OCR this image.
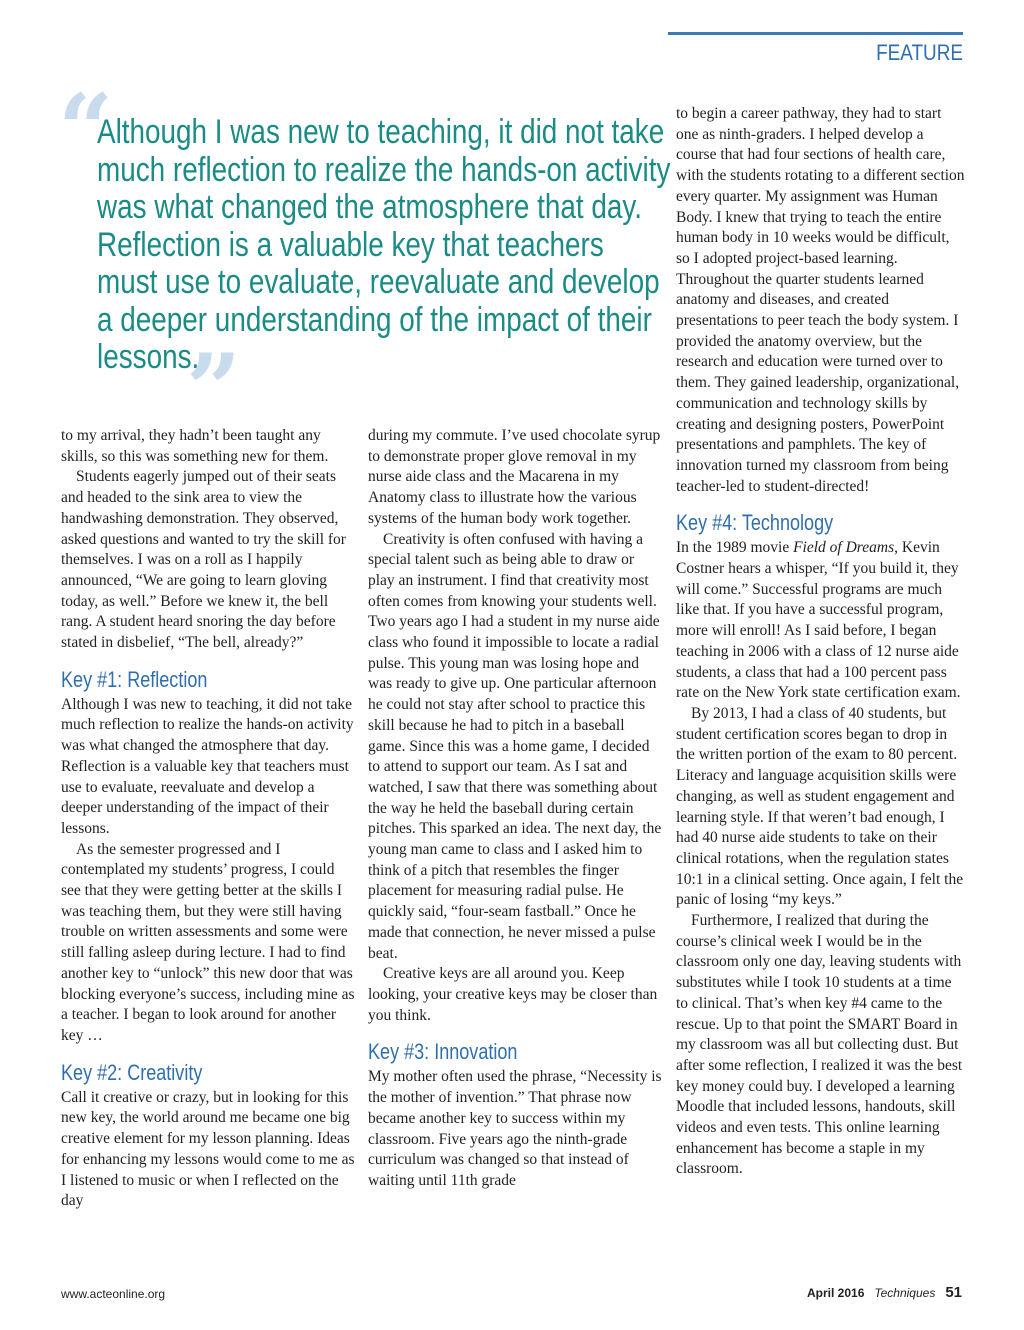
FEATURE
“
Although I was new to teaching, it did not take much reflection to realize the hands-on activity was what changed the atmosphere that day. Reflection is a valuable key that teachers must use to evaluate, reevaluate and develop a deeper understanding of the impact of their lessons.
”

to my arrival, they hadn’t been taught any skills, so this was something new for them.

Students eagerly jumped out of their seats and headed to the sink area to view the handwashing demonstration. They observed, asked questions and wanted to try the skill for themselves. I was on a roll as I happily announced, “We are going to learn gloving today, as well.” Before we knew it, the bell rang. A student heard snoring the day before stated in disbelief, “The bell, already?”

Key #1: Reflection

Although I was new to teaching, it did not take much reflection to realize the hands-on activity was what changed the atmosphere that day. Reflection is a valuable key that teachers must use to evaluate, reevaluate and develop a deeper understanding of the impact of their lessons.

As the semester progressed and I contemplated my students’ progress, I could see that they were getting better at the skills I was teaching them, but they were still having trouble on written assessments and some were still falling asleep during lecture. I had to find another key to “unlock” this new door that was blocking everyone’s success, including mine as a teacher. I began to look around for another key …

Key #2: Creativity

Call it creative or crazy, but in looking for this new key, the world around me became one big creative element for my lesson planning. Ideas for enhancing my lessons would come to me as I listened to music or when I reflected on the day

during my commute. I’ve used chocolate syrup to demonstrate proper glove removal in my nurse aide class and the Macarena in my Anatomy class to illustrate how the various systems of the human body work together.

Creativity is often confused with having a special talent such as being able to draw or play an instrument. I find that creativity most often comes from knowing your students well. Two years ago I had a student in my nurse aide class who found it impossible to locate a radial pulse. This young man was losing hope and was ready to give up. One particular afternoon he could not stay after school to practice this skill because he had to pitch in a baseball game. Since this was a home game, I decided to attend to support our team. As I sat and watched, I saw that there was something about the way he held the baseball during certain pitches. This sparked an idea. The next day, the young man came to class and I asked him to think of a pitch that resembles the finger placement for measuring radial pulse. He quickly said, “four-seam fastball.” Once he made that connection, he never missed a pulse beat.

Creative keys are all around you. Keep looking, your creative keys may be closer than you think.

Key #3: Innovation

My mother often used the phrase, “Necessity is the mother of invention.” That phrase now became another key to success within my classroom. Five years ago the ninth-grade curriculum was changed so that instead of waiting until 11th grade

to begin a career pathway, they had to start one as ninth-graders. I helped develop a course that had four sections of health care, with the students rotating to a different section every quarter. My assignment was Human Body. I knew that trying to teach the entire human body in 10 weeks would be difficult, so I adopted project-based learning. Throughout the quarter students learned anatomy and diseases, and created presentations to peer teach the body system. I provided the anatomy overview, but the research and education were turned over to them. They gained leadership, organizational, communication and technology skills by creating and designing posters, PowerPoint presentations and pamphlets. The key of innovation turned my classroom from being teacher-led to student-directed!

Key #4: Technology

In the 1989 movie Field of Dreams, Kevin Costner hears a whisper, “If you build it, they will come.” Successful programs are much like that. If you have a successful program, more will enroll! As I said before, I began teaching in 2006 with a class of 12 nurse aide students, a class that had a 100 percent pass rate on the New York state certification exam.

By 2013, I had a class of 40 students, but student certification scores began to drop in the written portion of the exam to 80 percent. Literacy and language acquisition skills were changing, as well as student engagement and learning style. If that weren’t bad enough, I had 40 nurse aide students to take on their clinical rotations, when the regulation states 10:1 in a clinical setting. Once again, I felt the panic of losing “my keys.”

Furthermore, I realized that during the course’s clinical week I would be in the classroom only one day, leaving students with substitutes while I took 10 students at a time to clinical. That’s when key #4 came to the rescue. Up to that point the SMART Board in my classroom was all but collecting dust. But after some reflection, I realized it was the best key money could buy. I developed a learning Moodle that included lessons, handouts, skill videos and even tests. This online learning enhancement has become a staple in my classroom.

www.acteonline.org	April 2016 Techniques 51
